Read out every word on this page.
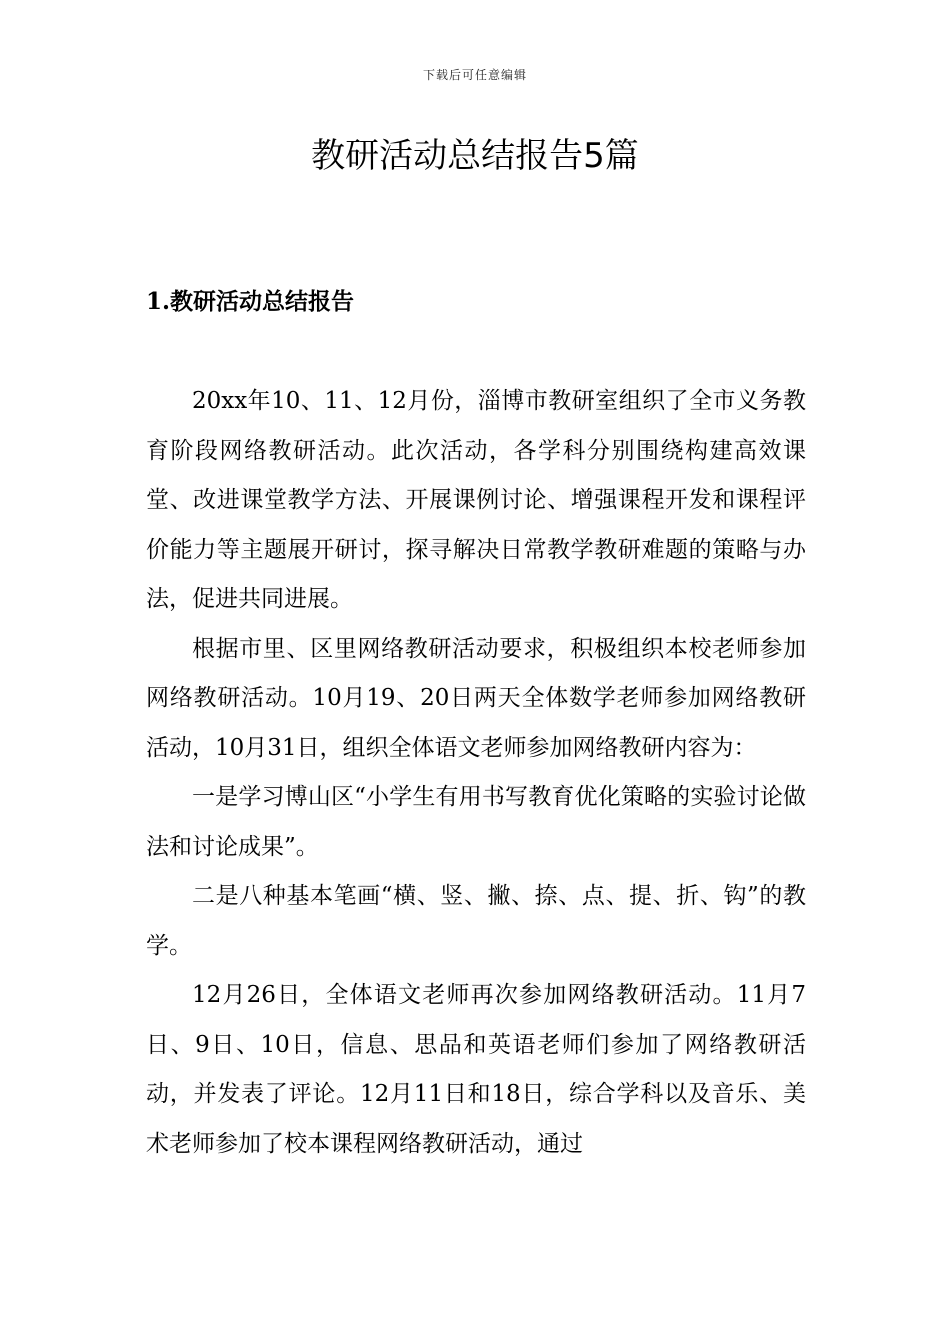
下载后可任意编辑
教研活动总结报告5篇
1.教研活动总结报告

20xx年10、11、12月份，淄博市教研室组织了全市义务教育阶段网络教研活动。此次活动，各学科分别围绕构建高效课堂、改进课堂教学方法、开展课例讨论、增强课程开发和课程评价能力等主题展开研讨，探寻解决日常教学教研难题的策略与办法，促进共同进展。

根据市里、区里网络教研活动要求，积极组织本校老师参加网络教研活动。10月19、20日两天全体数学老师参加网络教研活动，10月31日，组织全体语文老师参加网络教研内容为：

一是学习博山区“小学生有用书写教育优化策略的实验讨论做法和讨论成果”。

二是八种基本笔画“横、竖、撇、捺、点、提、折、钩”的教学。

12月26日，全体语文老师再次参加网络教研活动。11月7日、9日、10日，信息、思品和英语老师们参加了网络教研活动，并发表了评论。12月11日和18日，综合学科以及音乐、美术老师参加了校本课程网络教研活动，通过
